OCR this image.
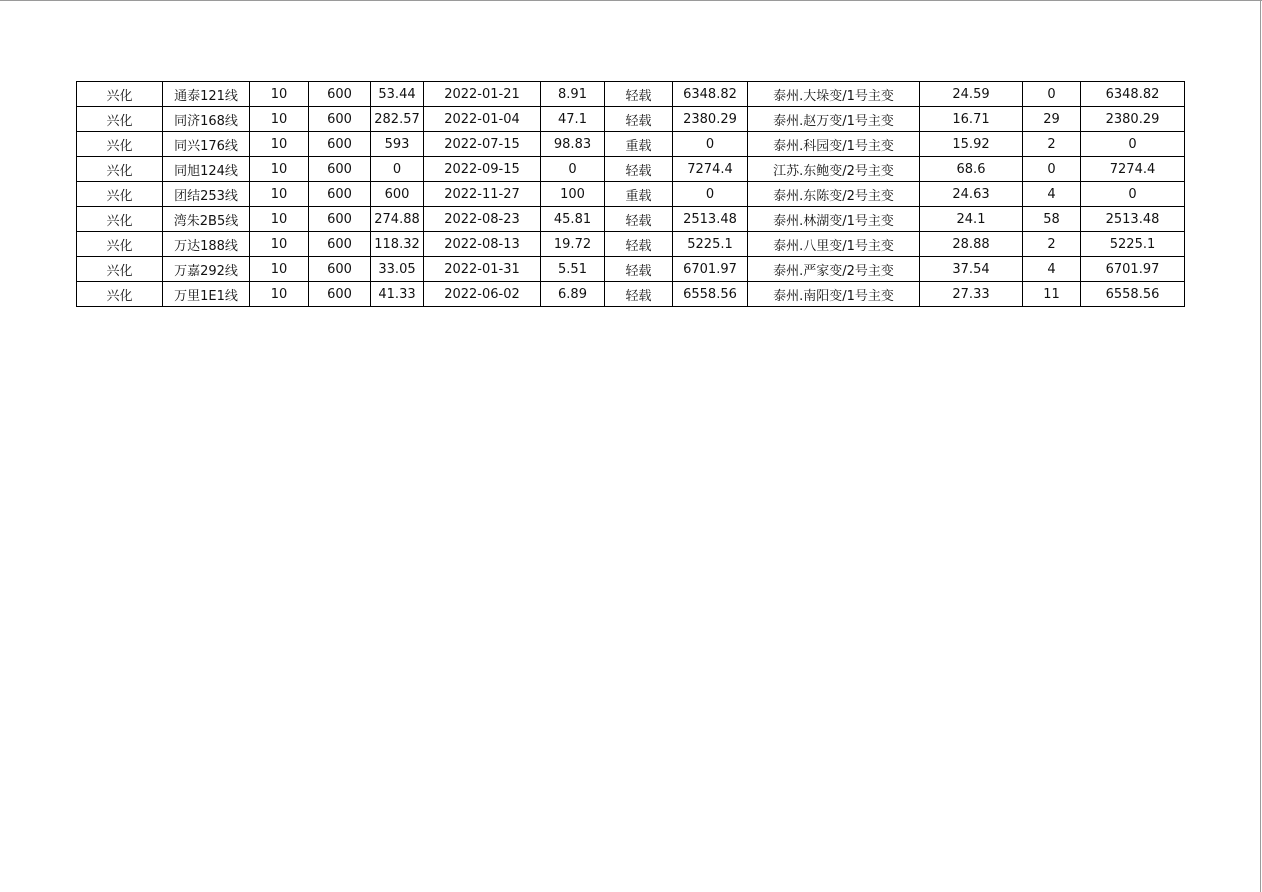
兴化	通泰121线	10	600	53.44	2022-01-21	8.91	轻载	6348.82	泰州.大垛变/1号主变	24.59	0	6348.82
兴化	同济168线	10	600	282.57	2022-01-04	47.1	轻载	2380.29	泰州.赵万变/1号主变	16.71	29	2380.29
兴化	同兴176线	10	600	593	2022-07-15	98.83	重载	0	泰州.科园变/1号主变	15.92	2	0
兴化	同旭124线	10	600	0	2022-09-15	0	轻载	7274.4	江苏.东鲍变/2号主变	68.6	0	7274.4
兴化	团结253线	10	600	600	2022-11-27	100	重载	0	泰州.东陈变/2号主变	24.63	4	0
兴化	湾朱2B5线	10	600	274.88	2022-08-23	45.81	轻载	2513.48	泰州.林湖变/1号主变	24.1	58	2513.48
兴化	万达188线	10	600	118.32	2022-08-13	19.72	轻载	5225.1	泰州.八里变/1号主变	28.88	2	5225.1
兴化	万嘉292线	10	600	33.05	2022-01-31	5.51	轻载	6701.97	泰州.严家变/2号主变	37.54	4	6701.97
兴化	万里1E1线	10	600	41.33	2022-06-02	6.89	轻载	6558.56	泰州.南阳变/1号主变	27.33	11	6558.56
